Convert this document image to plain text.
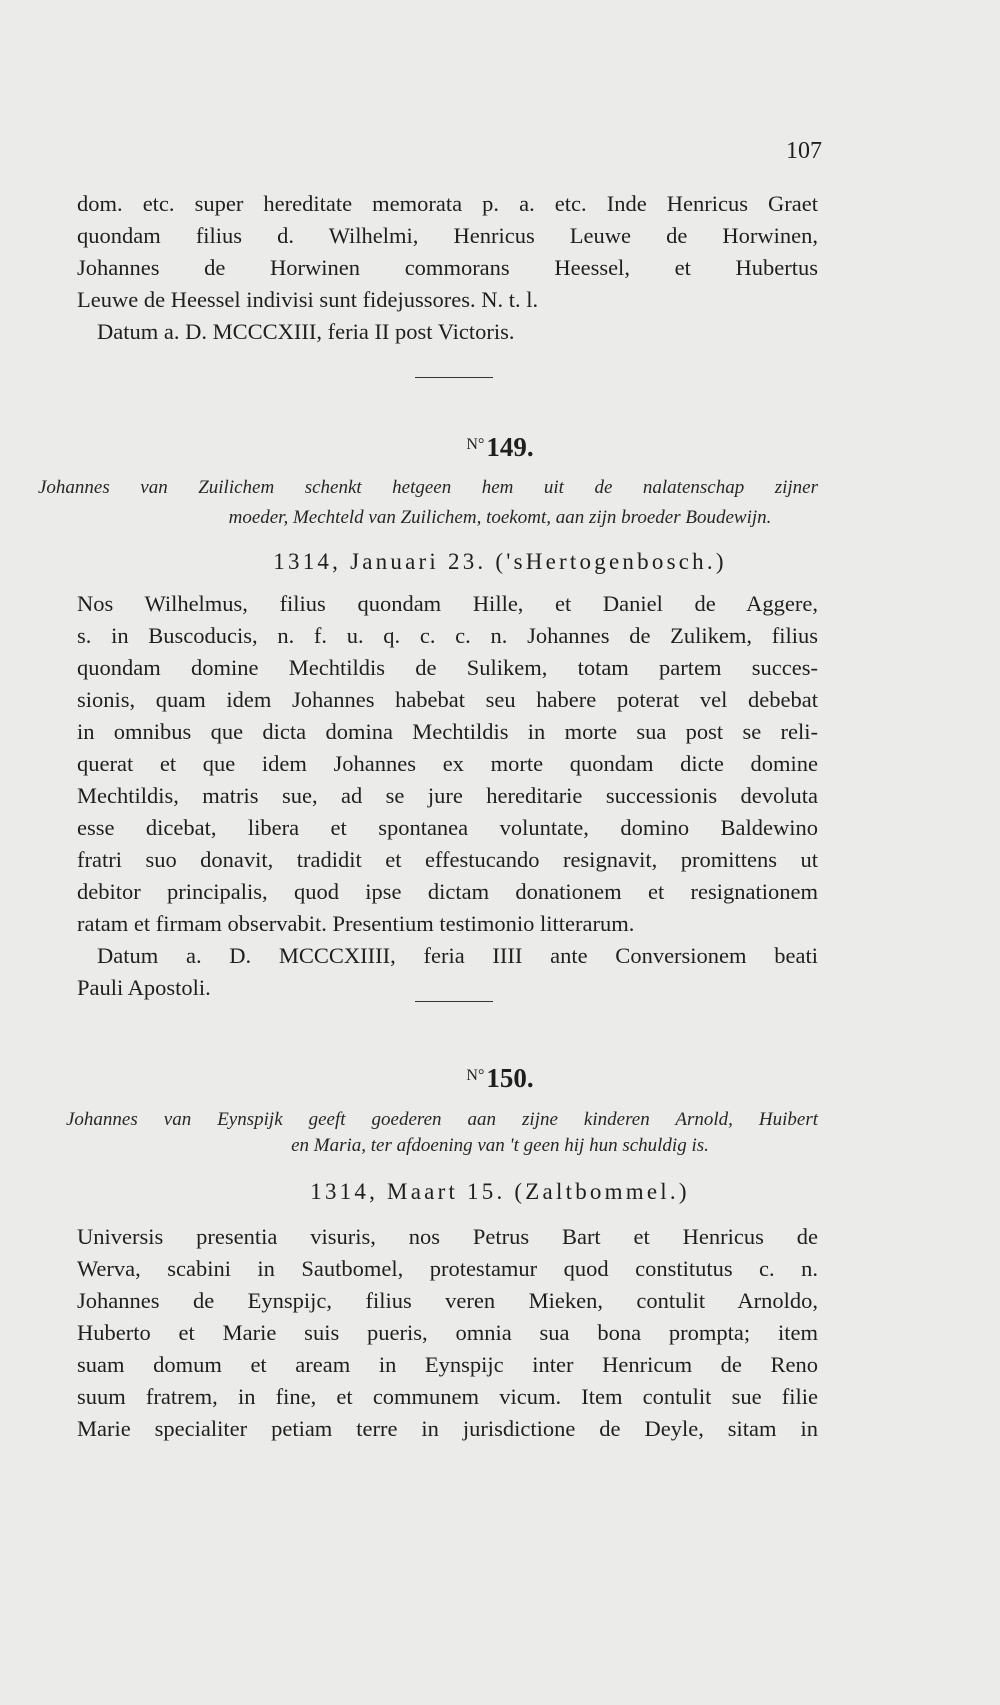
107

dom. etc. super hereditate memorata p. a. etc. Inde Henricus Graet

quondam filius d. Wilhelmi, Henricus Leuwe de Horwinen,

Johannes de Horwinen commorans Heessel, et Hubertus

Leuwe de Heessel indivisi sunt fidejussores. N. t. l.

Datum a. D. MCCCXIII, feria II post Victoris.

$^{N^\circ}$149.

Johannes van Zuilichem schenkt hetgeen hem uit de nalatenschap zijner

moeder, Mechteld van Zuilichem, toekomt, aan zijn broeder Boudewijn.

1314, Januari 23. ('sHertogenbosch.)

Nos Wilhelmus, filius quondam Hille, et Daniel de Aggere,

s. in Buscoducis, n. f. u. q. c. c. n. Johannes de Zulikem, filius

quondam domine Mechtildis de Sulikem, totam partem succes-

sionis, quam idem Johannes habebat seu habere poterat vel debebat

in omnibus que dicta domina Mechtildis in morte sua post se reli-

querat et que idem Johannes ex morte quondam dicte domine

Mechtildis, matris sue, ad se jure hereditarie successionis devoluta

esse dicebat, libera et spontanea voluntate, domino Baldewino

fratri suo donavit, tradidit et effestucando resignavit, promittens ut

debitor principalis, quod ipse dictam donationem et resignationem

ratam et firmam observabit. Presentium testimonio litterarum.

Datum a. D. MCCCXIIII, feria IIII ante Conversionem beati

Pauli Apostoli.

$^{N^\circ}$150.

Johannes van Eynspijk geeft goederen aan zijne kinderen Arnold, Huibert

en Maria, ter afdoening van 't geen hij hun schuldig is.

1314, Maart 15. (Zaltbommel.)

Universis presentia visuris, nos Petrus Bart et Henricus de

Werva, scabini in Sautbomel, protestamur quod constitutus c. n.

Johannes de Eynspijc, filius veren Mieken, contulit Arnoldo,

Huberto et Marie suis pueris, omnia sua bona prompta; item

suam domum et aream in Eynspijc inter Henricum de Reno

suum fratrem, in fine, et communem vicum. Item contulit sue filie

Marie specialiter petiam terre in jurisdictione de Deyle, sitam in
